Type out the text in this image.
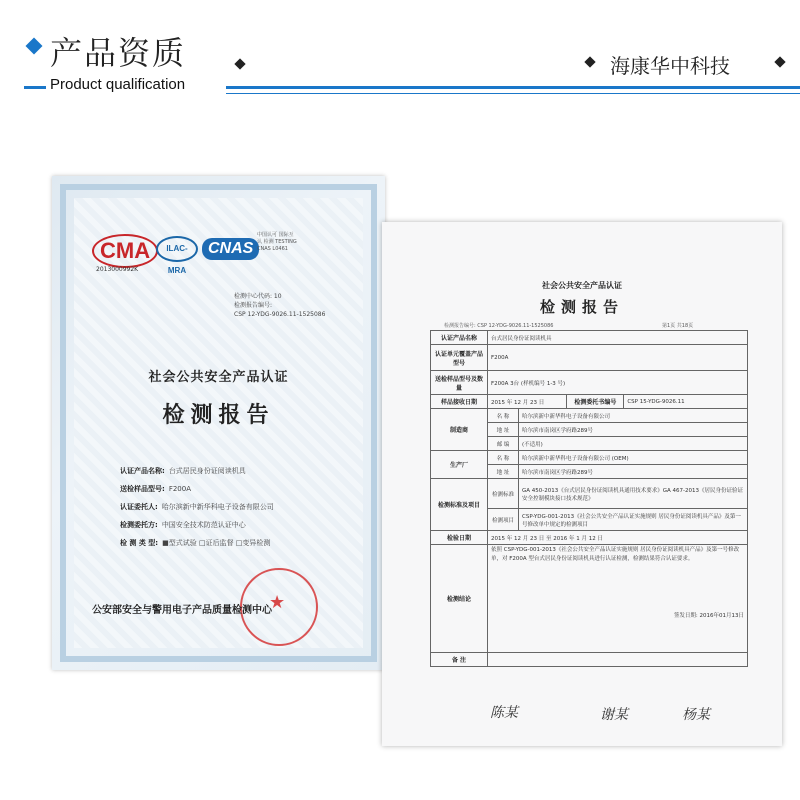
产品资质	海康华中科技
Product qualification
CMA
2013000992K
ILAC-MRA
CNAS
中国认可 国际互认 检测 TESTING CNAS L0461
检测中心代码: 10
检测报告编号:
CSP 12-YDG-9026.11-1525086
社会公共安全产品认证
检测报告
认证产品名称: 台式居民身份证阅读机具
送检样品型号: F200A
认证委托人: 哈尔滨新中新华科电子设备有限公司
检测委托方: 中国安全技术防范认证中心
检 测 类 型: ■型式试验 □证后监督 □变异检测
★
公安部安全与警用电子产品质量检测中心
社会公共安全产品认证
检测报告
检测报告编号: CSP 12-YDG-9026.11-1525086	第1页 共18页
认证产品名称	台式居民身份证阅读机具			
认证单元覆盖产品型号	F200A			
送检样品型号及数量	F200A 3台 (样机编号 1-3 号)			
样品接收日期	2015 年 12 月 23 日		检测委托书编号	CSP 15-YDG-9026.11
制造商	名 称	哈尔滨新中新华科电子设备有限公司		
	地 址	哈尔滨市南岗区学府路289号		
	邮 编	(不适用)		
生产厂	名 称	哈尔滨新中新华科电子设备有限公司 (OEM)		
	地 址	哈尔滨市南岗区学府路289号		
检测标准及项目	检测标准	GA 450-2013《台式居民身份证阅读机具通用技术要求》GA 467-2013《居民身份证验证安全控制模块接口技术规范》		
	检测项目	CSP-YDG-001-2013《社会公共安全产品认证实施规则 居民身份证阅读机具产品》及第一号修改单中规定的检测项目		
检验日期	2015 年 12 月 23 日 至 2016 年 1 月 12 日			
检测结论	依照 CSP-YDG-001-2013《社会公共安全产品认证实施规则 居民身份证阅读机具产品》及第一号修改单，对 F200A 型台式居民身份证阅读机具进行认证检测，检测结果符合认证要求。
签发日期: 2016年01月13日			

备 注				
陈某	谢某	杨某
